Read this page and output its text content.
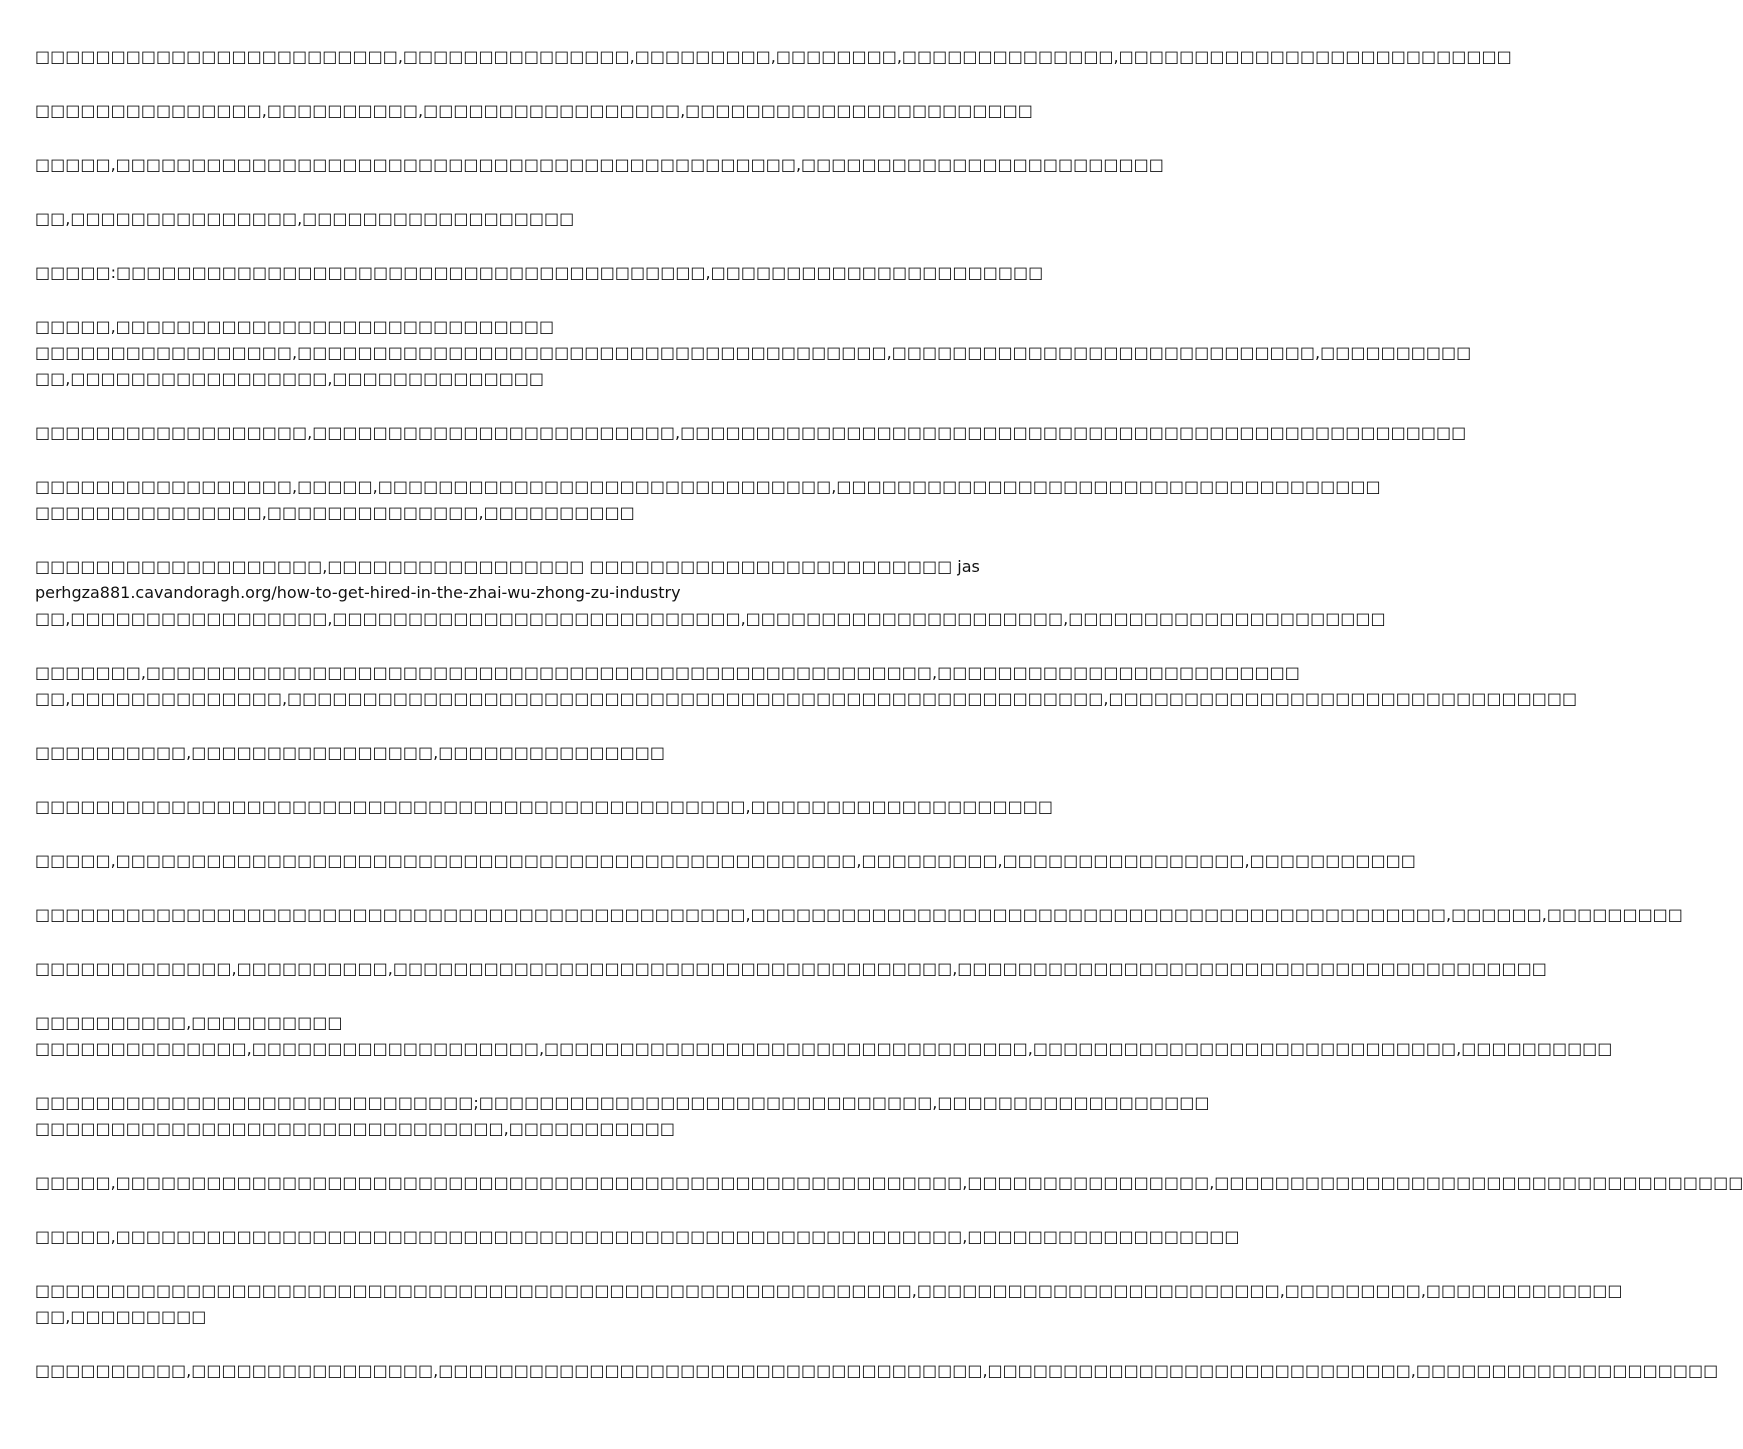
□□□□□□□□□□□□□□□□□□□□□□□□,□□□□□□□□□□□□□□□,□□□□□□□□□,□□□□□□□□,□□□□□□□□□□□□□□,□□□□□□□□□□□□□□□□□□□□□□□□□□

□□□□□□□□□□□□□□□,□□□□□□□□□□,□□□□□□□□□□□□□□□□□,□□□□□□□□□□□□□□□□□□□□□□□

□□□□□,□□□□□□□□□□□□□□□□□□□□□□□□□□□□□□□□□□□□□□□□□□□□□,□□□□□□□□□□□□□□□□□□□□□□□□

□□,□□□□□□□□□□□□□□□,□□□□□□□□□□□□□□□□□□

□□□□□:□□□□□□□□□□□□□□□□□□□□□□□□□□□□□□□□□□□□□□□,□□□□□□□□□□□□□□□□□□□□□□

□□□□□,□□□□□□□□□□□□□□□□□□□□□□□□□□□□□
□□□□□□□□□□□□□□□□□,□□□□□□□□□□□□□□□□□□□□□□□□□□□□□□□□□□□□□□□,□□□□□□□□□□□□□□□□□□□□□□□□□□□□,□□□□□□□□□□
□□,□□□□□□□□□□□□□□□□□,□□□□□□□□□□□□□□

□□□□□□□□□□□□□□□□□□,□□□□□□□□□□□□□□□□□□□□□□□□,□□□□□□□□□□□□□□□□□□□□□□□□□□□□□□□□□□□□□□□□□□□□□□□□□□□□

□□□□□□□□□□□□□□□□□,□□□□□,□□□□□□□□□□□□□□□□□□□□□□□□□□□□□□,□□□□□□□□□□□□□□□□□□□□□□□□□□□□□□□□□□□□
□□□□□□□□□□□□□□□,□□□□□□□□□□□□□□,□□□□□□□□□□

□□□□□□□□□□□□□□□□□□□,□□□□□□□□□□□□□□□□□ □□□□□□□□□□□□□□□□□□□□□□□□ jasperhgza881.cavandoragh.org/how-to-get-hired-in-the-zhai-wu-zhong-zu-industry
□□,□□□□□□□□□□□□□□□□□,□□□□□□□□□□□□□□□□□□□□□□□□□□□,□□□□□□□□□□□□□□□□□□□□□,□□□□□□□□□□□□□□□□□□□□□

□□□□□□□,□□□□□□□□□□□□□□□□□□□□□□□□□□□□□□□□□□□□□□□□□□□□□□□□□□□□,□□□□□□□□□□□□□□□□□□□□□□□□
□□,□□□□□□□□□□□□□□,□□□□□□□□□□□□□□□□□□□□□□□□□□□□□□□□□□□□□□□□□□□□□□□□□□□□□□,□□□□□□□□□□□□□□□□□□□□□□□□□□□□□□□

□□□□□□□□□□,□□□□□□□□□□□□□□□□,□□□□□□□□□□□□□□□

□□□□□□□□□□□□□□□□□□□□□□□□□□□□□□□□□□□□□□□□□□□□□□□,□□□□□□□□□□□□□□□□□□□□

□□□□□,□□□□□□□□□□□□□□□□□□□□□□□□□□□□□□□□□□□□□□□□□□□□□□□□□,□□□□□□□□□,□□□□□□□□□□□□□□□□,□□□□□□□□□□□

□□□□□□□□□□□□□□□□□□□□□□□□□□□□□□□□□□□□□□□□□□□□□□□,□□□□□□□□□□□□□□□□□□□□□□□□□□□□□□□□□□□□□□□□□□□□□□,□□□□□□,□□□□□□□□□

□□□□□□□□□□□□□,□□□□□□□□□□,□□□□□□□□□□□□□□□□□□□□□□□□□□□□□□□□□□□□□,□□□□□□□□□□□□□□□□□□□□□□□□□□□□□□□□□□□□□□□

□□□□□□□□□□,□□□□□□□□□□
□□□□□□□□□□□□□□,□□□□□□□□□□□□□□□□□□□,□□□□□□□□□□□□□□□□□□□□□□□□□□□□□□□□,□□□□□□□□□□□□□□□□□□□□□□□□□□□□,□□□□□□□□□□

□□□□□□□□□□□□□□□□□□□□□□□□□□□□□;□□□□□□□□□□□□□□□□□□□□□□□□□□□□□□,□□□□□□□□□□□□□□□□□□
□□□□□□□□□□□□□□□□□□□□□□□□□□□□□□□,□□□□□□□□□□□

□□□□□,□□□□□□□□□□□□□□□□□□□□□□□□□□□□□□□□□□□□□□□□□□□□□□□□□□□□□□□□,□□□□□□□□□□□□□□□□,□□□□□□□□□□□□□□□□□□□□□□□□□□□□□□□□□□□

□□□□□,□□□□□□□□□□□□□□□□□□□□□□□□□□□□□□□□□□□□□□□□□□□□□□□□□□□□□□□□,□□□□□□□□□□□□□□□□□□

□□□□□□□□□□□□□□□□□□□□□□□□□□□□□□□□□□□□□□□□□□□□□□□□□□□□□□□□□□,□□□□□□□□□□□□□□□□□□□□□□□□,□□□□□□□□□,□□□□□□□□□□□□□
□□,□□□□□□□□□

□□□□□□□□□□,□□□□□□□□□□□□□□□□,□□□□□□□□□□□□□□□□□□□□□□□□□□□□□□□□□□□□,□□□□□□□□□□□□□□□□□□□□□□□□□□□□,□□□□□□□□□□□□□□□□□□□□
